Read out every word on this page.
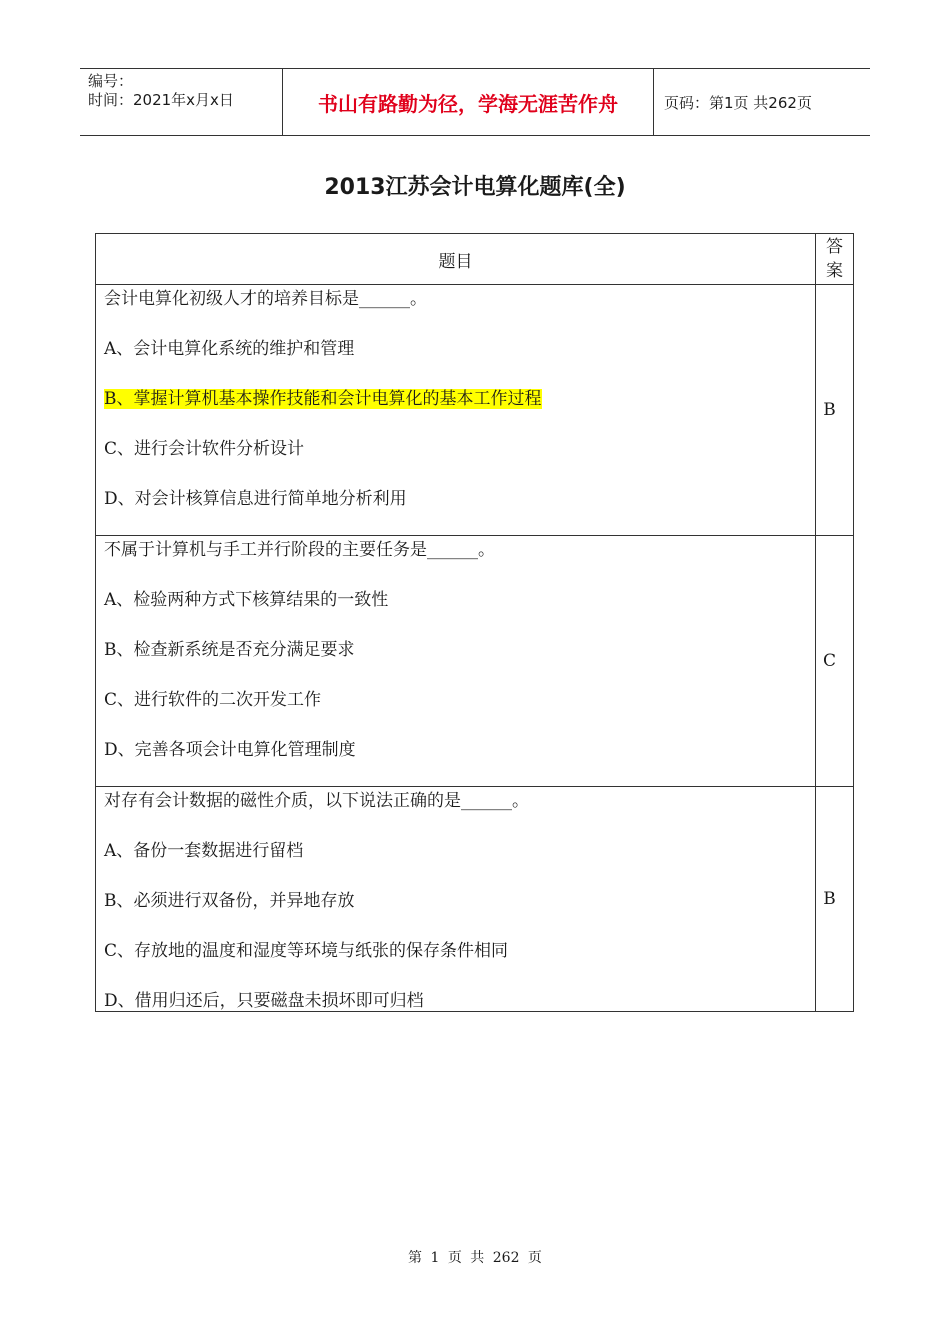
编号：
时间：2021年x月x日	书山有路勤为径，学海无涯苦作舟	页码：第1页 共262页
2013江苏会计电算化题库(全)
题目	答案

会计电算化初级人才的培养目标是______。
A、会计电算化系统的维护和管理
B、掌握计算机基本操作技能和会计电算化的基本工作过程
C、进行会计软件分析设计
D、对会计核算信息进行简单地分析利用	B

不属于计算机与手工并行阶段的主要任务是______。
A、检验两种方式下核算结果的一致性
B、检查新系统是否充分满足要求
C、进行软件的二次开发工作
D、完善各项会计电算化管理制度	C

对存有会计数据的磁性介质，以下说法正确的是______。
A、备份一套数据进行留档
B、必须进行双备份，并异地存放
C、存放地的温度和湿度等环境与纸张的保存条件相同
D、借用归还后，只要磁盘未损坏即可归档	B
第 1 页 共 262 页
